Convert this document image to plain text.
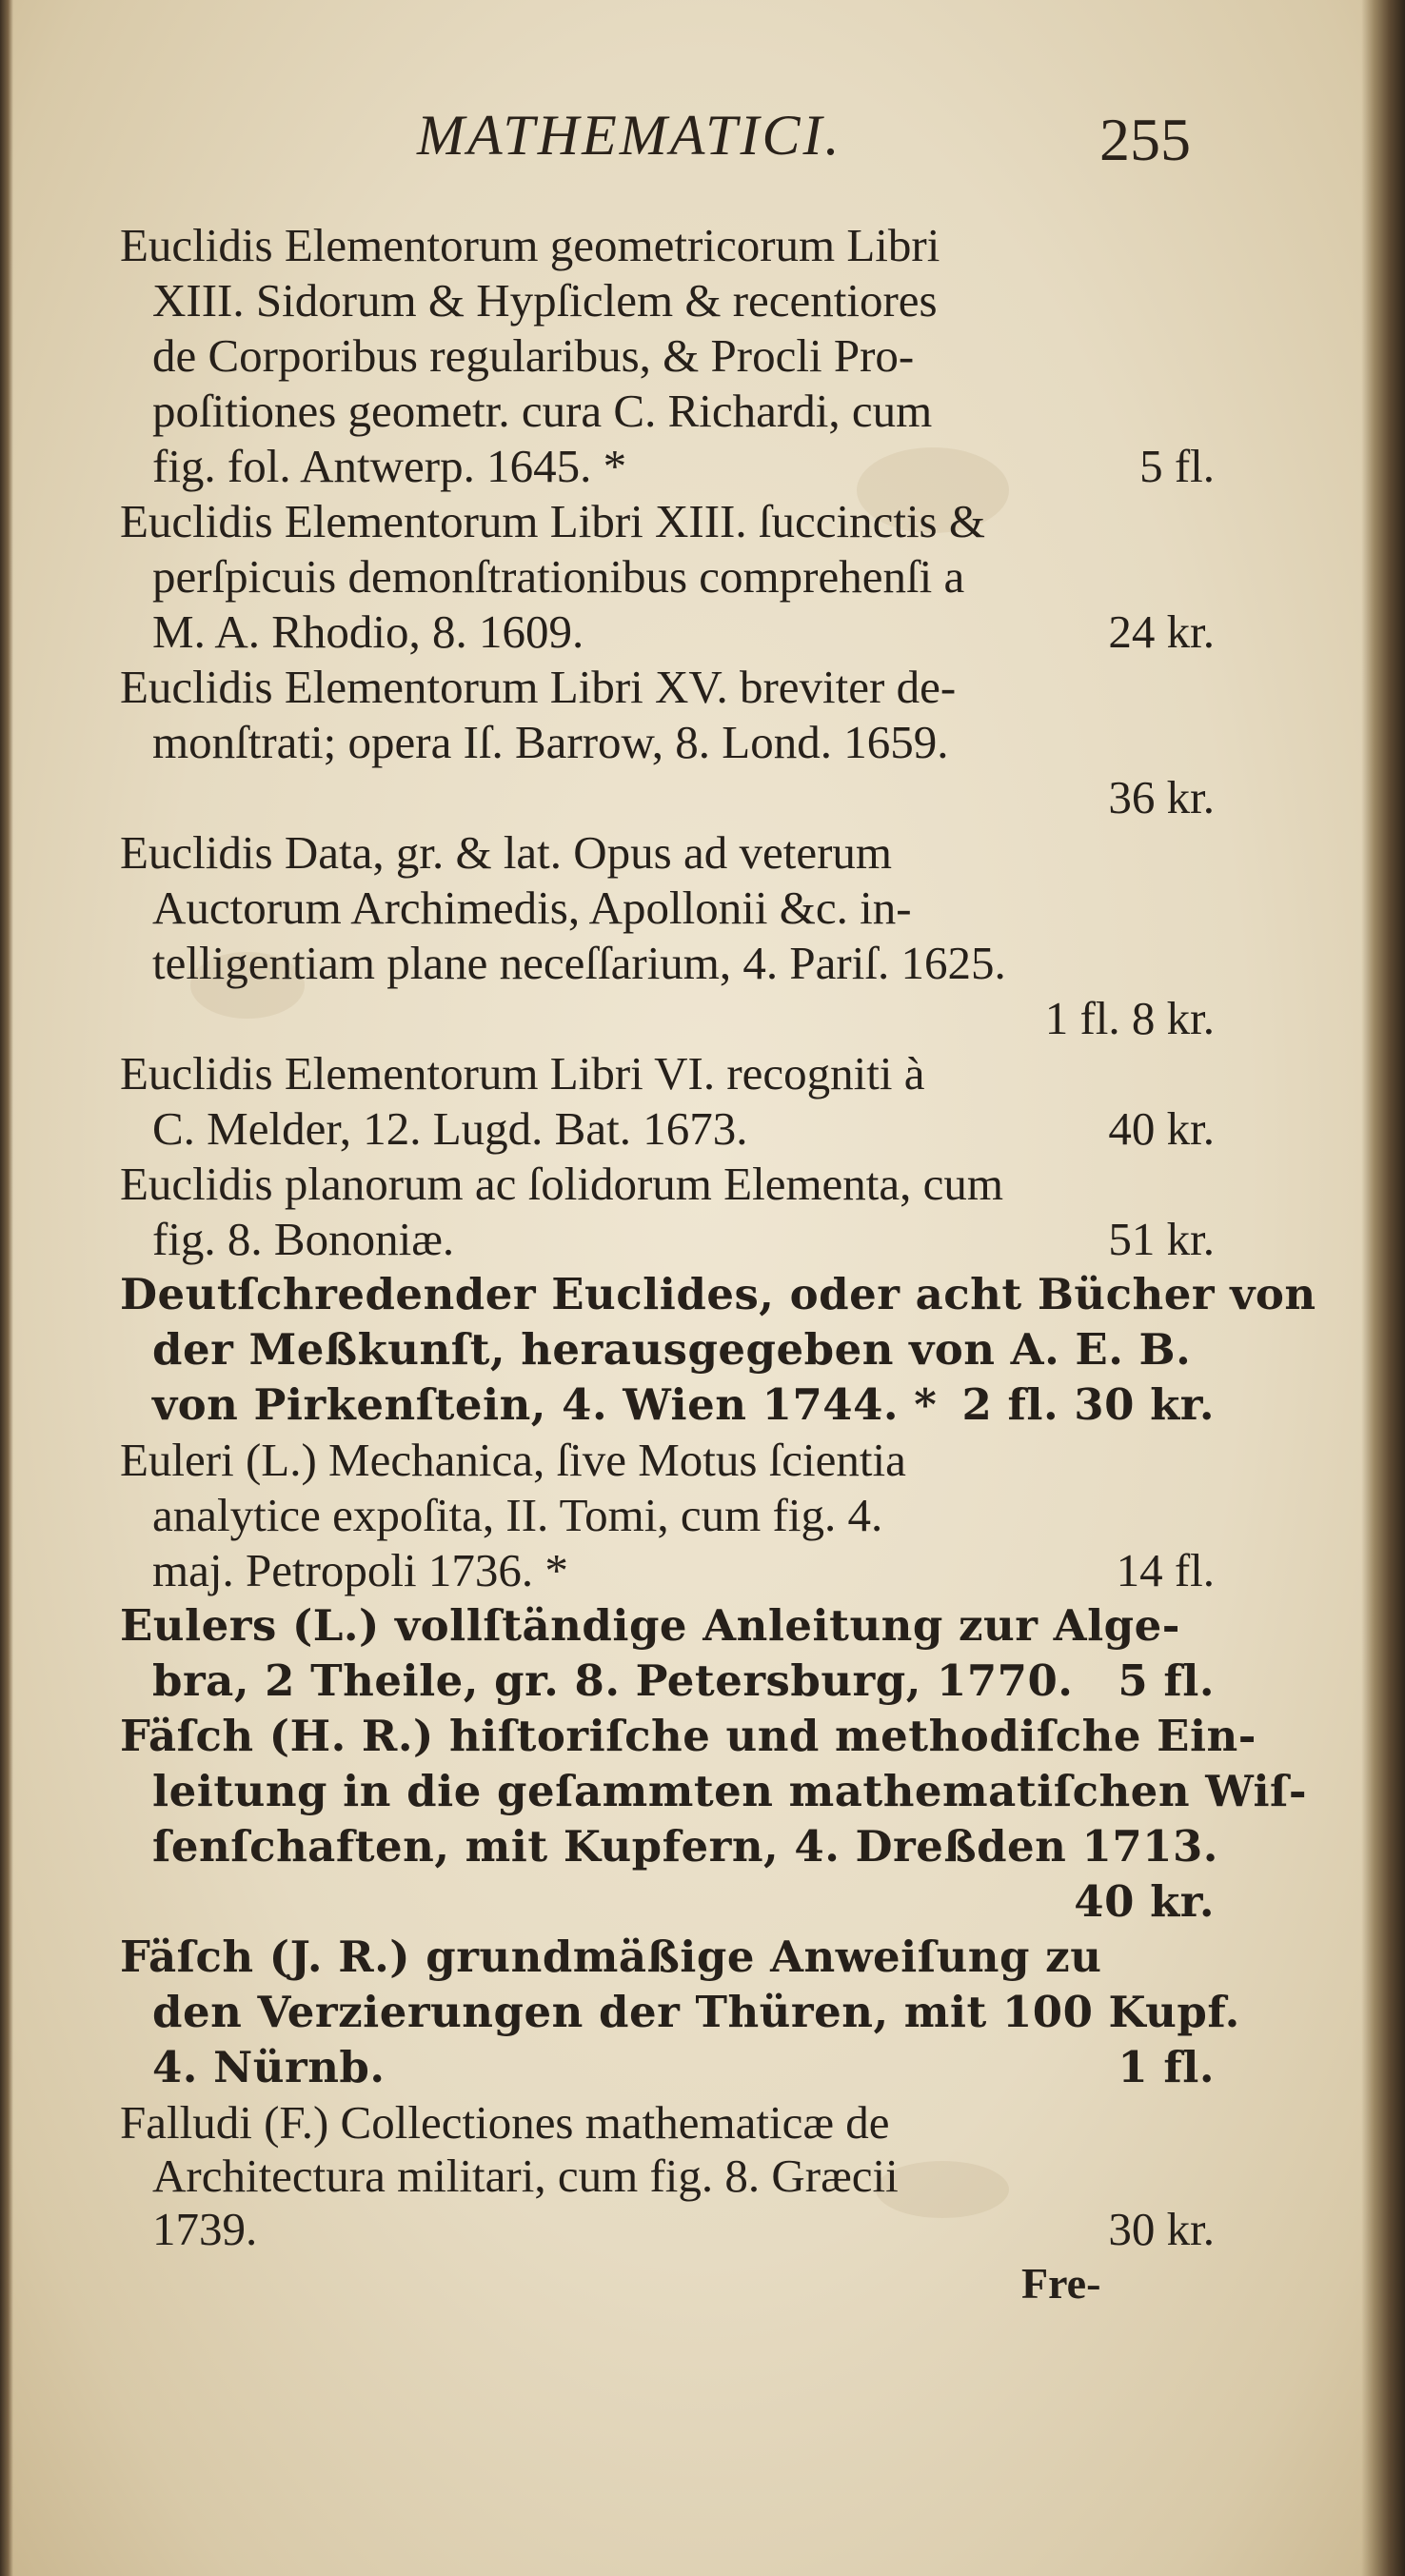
MATHEMATICI.	255
Euclidis Elementorum geometricorum Libri
XIII. Sidorum & Hypſiclem & recentiores
de Corporibus regularibus, & Procli Pro-
poſitiones geometr. cura C. Richardi, cum
fig. fol. Antwerp. 1645. *	5 fl.
Euclidis Elementorum Libri XIII. ſuccinctis &
perſpicuis demonſtrationibus comprehenſi a
M. A. Rhodio, 8. 1609.	24 kr.
Euclidis Elementorum Libri XV. breviter de-
monſtrati; opera Iſ. Barrow, 8. Lond. 1659.
36 kr.
Euclidis Data, gr. & lat. Opus ad veterum
Auctorum Archimedis, Apollonii &c. in-
telligentiam plane neceſſarium, 4. Pariſ. 1625.
1 fl. 8 kr.
Euclidis Elementorum Libri VI. recogniti à
C. Melder, 12. Lugd. Bat. 1673.	40 kr.
Euclidis planorum ac ſolidorum Elementa, cum
fig. 8. Bononiæ.	51 kr.
Deutſchredender Euclides, oder acht Bücher von
der Meßkunſt, herausgegeben von A. E. B.
von Pirkenſtein, 4. Wien 1744. * 2 fl. 30 kr.
Euleri (L.) Mechanica, ſive Motus ſcientia
analytice expoſita, II. Tomi, cum fig. 4.
maj. Petropoli 1736. *	14 fl.
Eulers (L.) vollſtändige Anleitung zur Alge-
bra, 2 Theile, gr. 8. Petersburg, 1770. 5 fl.
Fäſch (H. R.) hiſtoriſche und methodiſche Ein-
leitung in die geſammten mathematiſchen Wiſ-
ſenſchaften, mit Kupfern, 4. Dreßden 1713.
40 kr.
Fäſch (J. R.) grundmäßige Anweiſung zu
den Verzierungen der Thüren, mit 100 Kupf.
4. Nürnb.	1 fl.
Falludi (F.) Collectiones mathematicæ de
Architectura militari, cum fig. 8. Græcii
1739.	30 kr.
Fre-
